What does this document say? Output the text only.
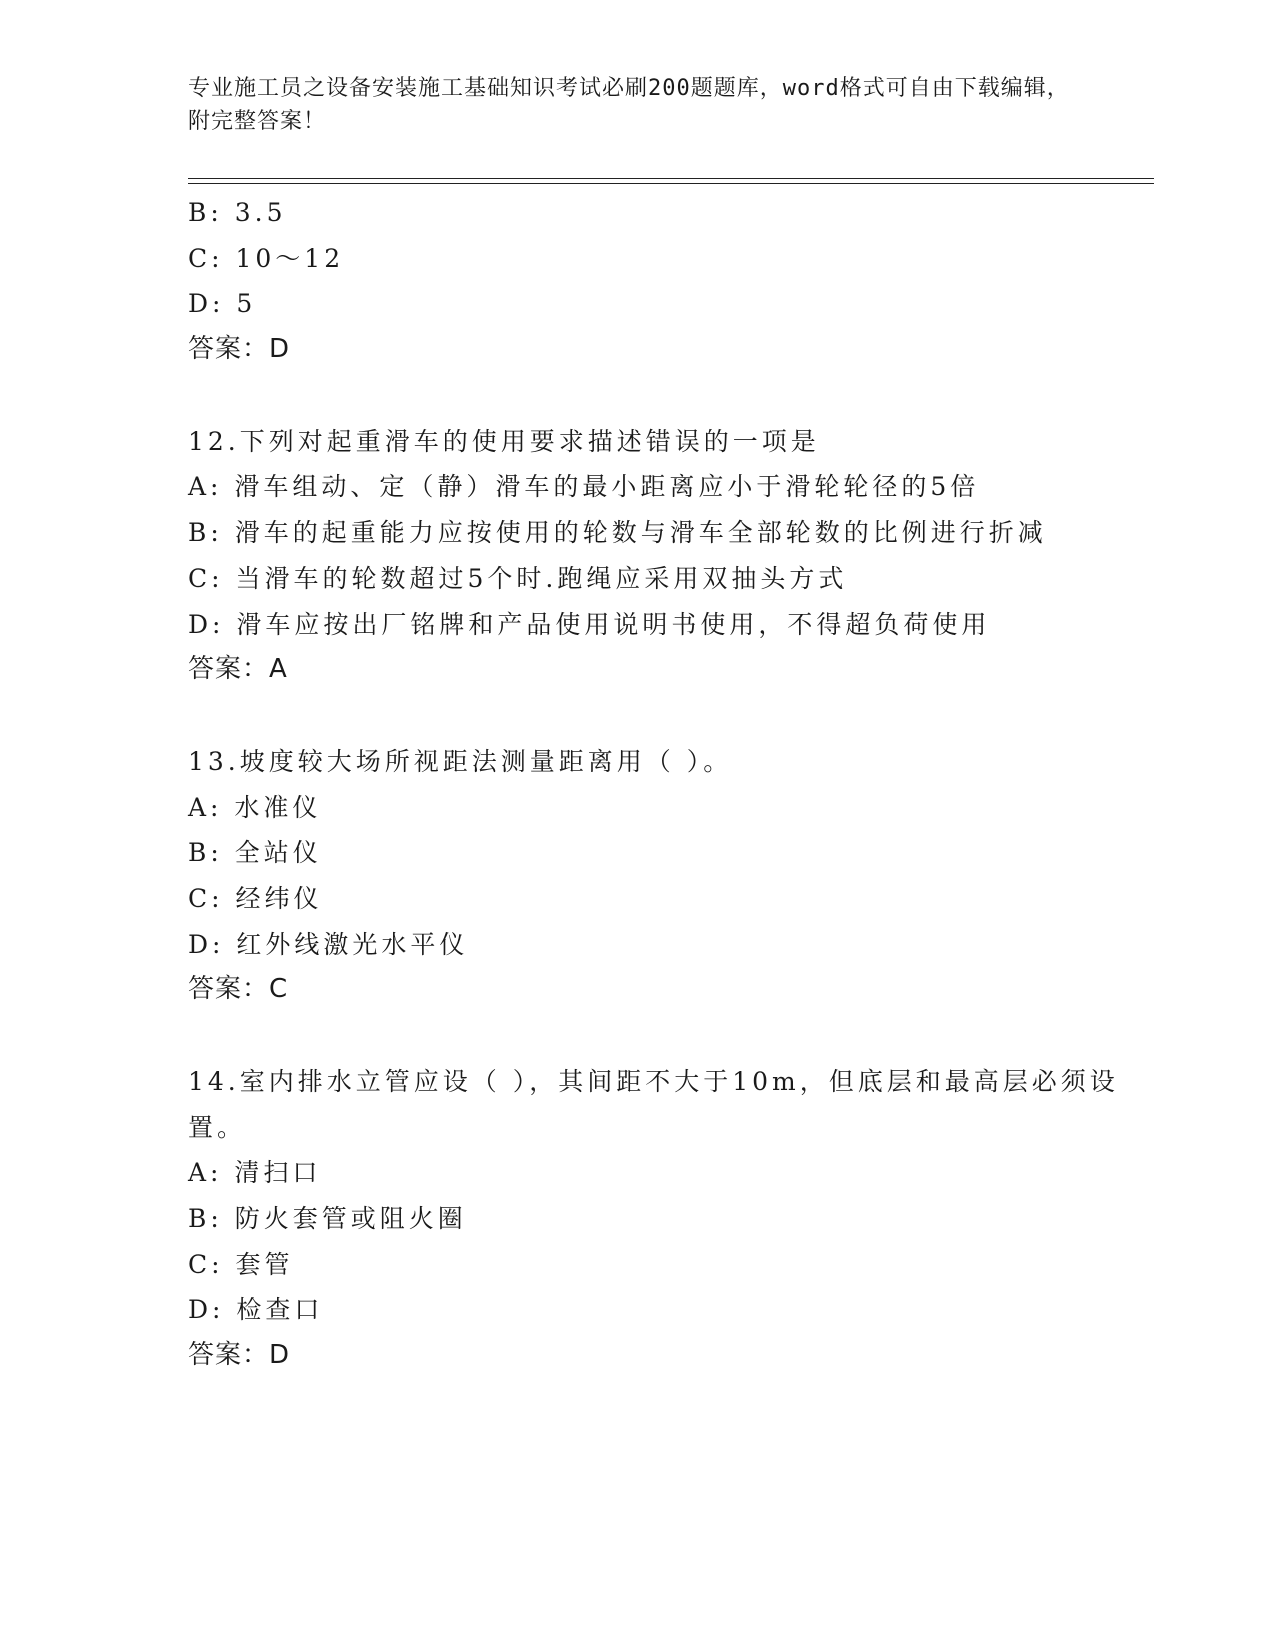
专业施工员之设备安装施工基础知识考试必刷200题题库，word格式可自由下载编辑，附完整答案！
B: 3.5
C: 10～12
D: 5
答案：D
12.下列对起重滑车的使用要求描述错误的一项是
A: 滑车组动、定（静）滑车的最小距离应小于滑轮轮径的5倍
B: 滑车的起重能力应按使用的轮数与滑车全部轮数的比例进行折减
C: 当滑车的轮数超过5个时.跑绳应采用双抽头方式
D: 滑车应按出厂铭牌和产品使用说明书使用，不得超负荷使用
答案：A
13.坡度较大场所视距法测量距离用（ ）。
A: 水准仪
B: 全站仪
C: 经纬仪
D: 红外线激光水平仪
答案：C
14.室内排水立管应设（ ），其间距不大于10m，但底层和最高层必须设置。
A: 清扫口
B: 防火套管或阻火圈
C: 套管
D: 检查口
答案：D
